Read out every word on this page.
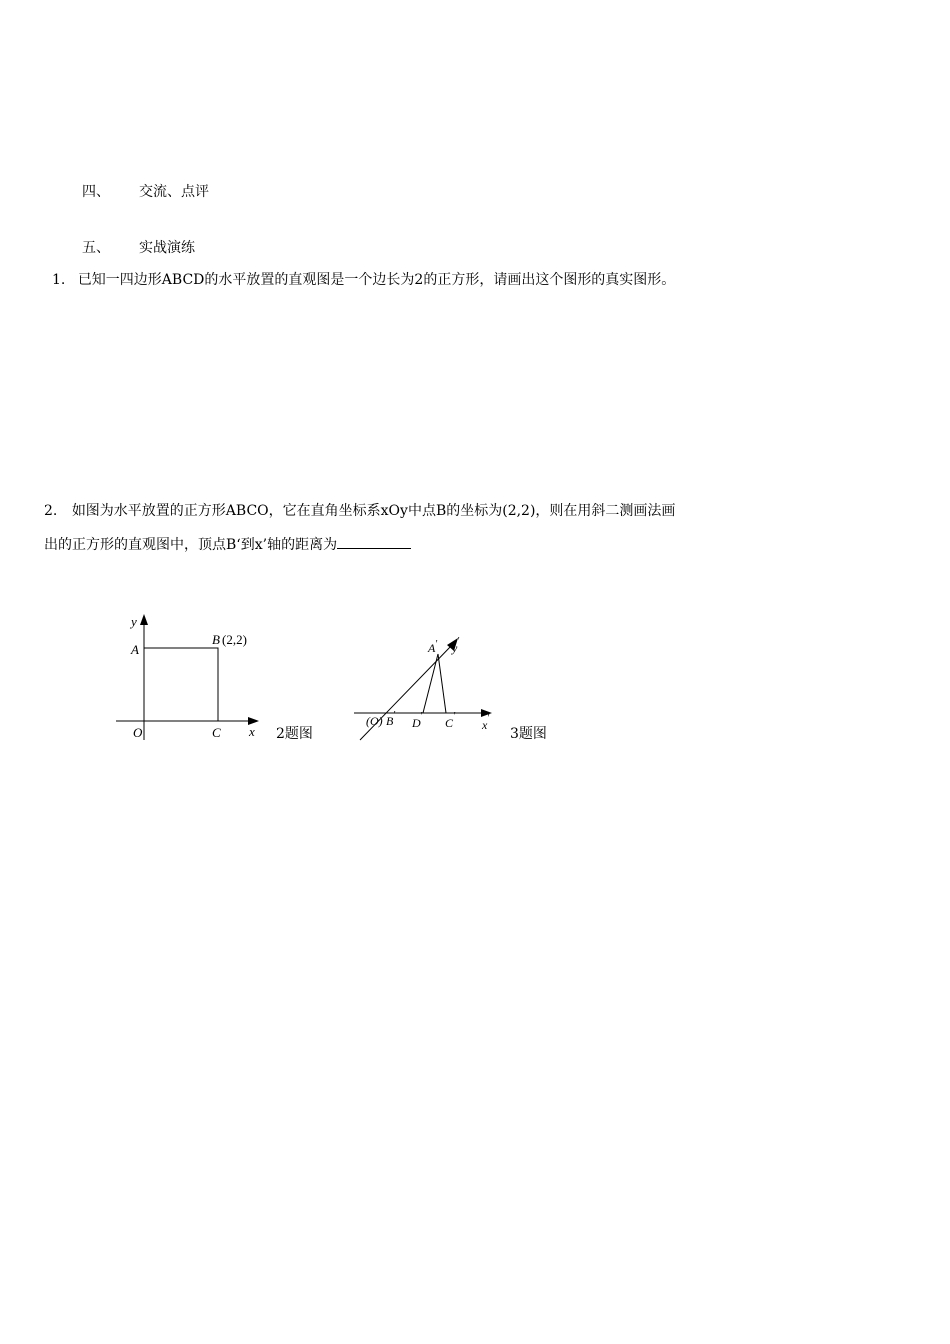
四、 交流、点评
五、 实战演练
1. 已知一四边形ABCD的水平放置的直观图是一个边长为2的正方形，请画出这个图形的真实图形。
2. 如图为水平放置的正方形ABCO，它在直角坐标系xOy中点B的坐标为(2,2)，则在用斜二测画法画
出的正方形的直观图中，顶点B‘到x’轴的距离为
y
A
B
O	C x
(2,2)
2题图
A ' y '
(O) B '
D ' C '
x '
3题图
